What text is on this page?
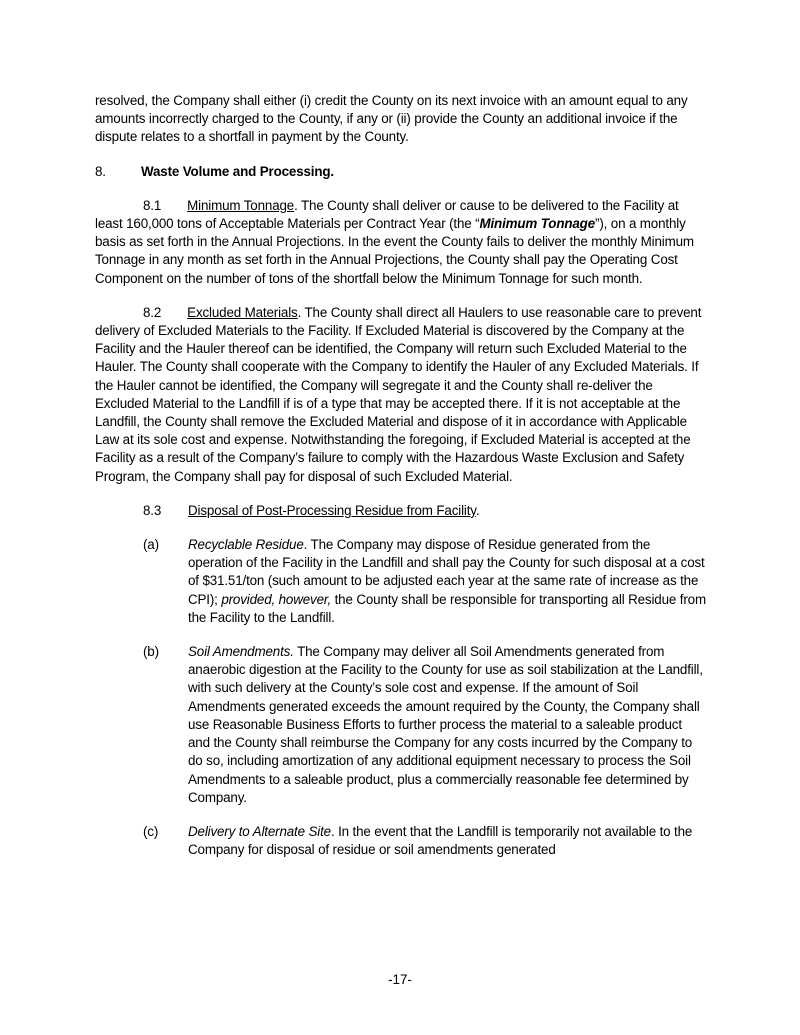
resolved, the Company shall either (i) credit the County on its next invoice with an amount equal to any amounts incorrectly charged to the County, if any or (ii) provide the County an additional invoice if the dispute relates to a shortfall in payment by the County.

8.	Waste Volume and Processing.

8.1 Minimum Tonnage. The County shall deliver or cause to be delivered to the Facility at least 160,000 tons of Acceptable Materials per Contract Year (the “Minimum Tonnage”), on a monthly basis as set forth in the Annual Projections. In the event the County fails to deliver the monthly Minimum Tonnage in any month as set forth in the Annual Projections, the County shall pay the Operating Cost Component on the number of tons of the shortfall below the Minimum Tonnage for such month.

8.2 Excluded Materials. The County shall direct all Haulers to use reasonable care to prevent delivery of Excluded Materials to the Facility. If Excluded Material is discovered by the Company at the Facility and the Hauler thereof can be identified, the Company will return such Excluded Material to the Hauler. The County shall cooperate with the Company to identify the Hauler of any Excluded Materials. If the Hauler cannot be identified, the Company will segregate it and the County shall re-deliver the Excluded Material to the Landfill if is of a type that may be accepted there. If it is not acceptable at the Landfill, the County shall remove the Excluded Material and dispose of it in accordance with Applicable Law at its sole cost and expense. Notwithstanding the foregoing, if Excluded Material is accepted at the Facility as a result of the Company’s failure to comply with the Hazardous Waste Exclusion and Safety Program, the Company shall pay for disposal of such Excluded Material.

8.3 Disposal of Post-Processing Residue from Facility.

(a)	Recyclable Residue. The Company may dispose of Residue generated from the operation of the Facility in the Landfill and shall pay the County for such disposal at a cost of $31.51/ton (such amount to be adjusted each year at the same rate of increase as the CPI); provided, however, the County shall be responsible for transporting all Residue from the Facility to the Landfill.
(b)	Soil Amendments. The Company may deliver all Soil Amendments generated from anaerobic digestion at the Facility to the County for use as soil stabilization at the Landfill, with such delivery at the County’s sole cost and expense. If the amount of Soil Amendments generated exceeds the amount required by the County, the Company shall use Reasonable Business Efforts to further process the material to a saleable product and the County shall reimburse the Company for any costs incurred by the Company to do so, including amortization of any additional equipment necessary to process the Soil Amendments to a saleable product, plus a commercially reasonable fee determined by Company.
(c)	Delivery to Alternate Site. In the event that the Landfill is temporarily not available to the Company for disposal of residue or soil amendments generated
-17-
